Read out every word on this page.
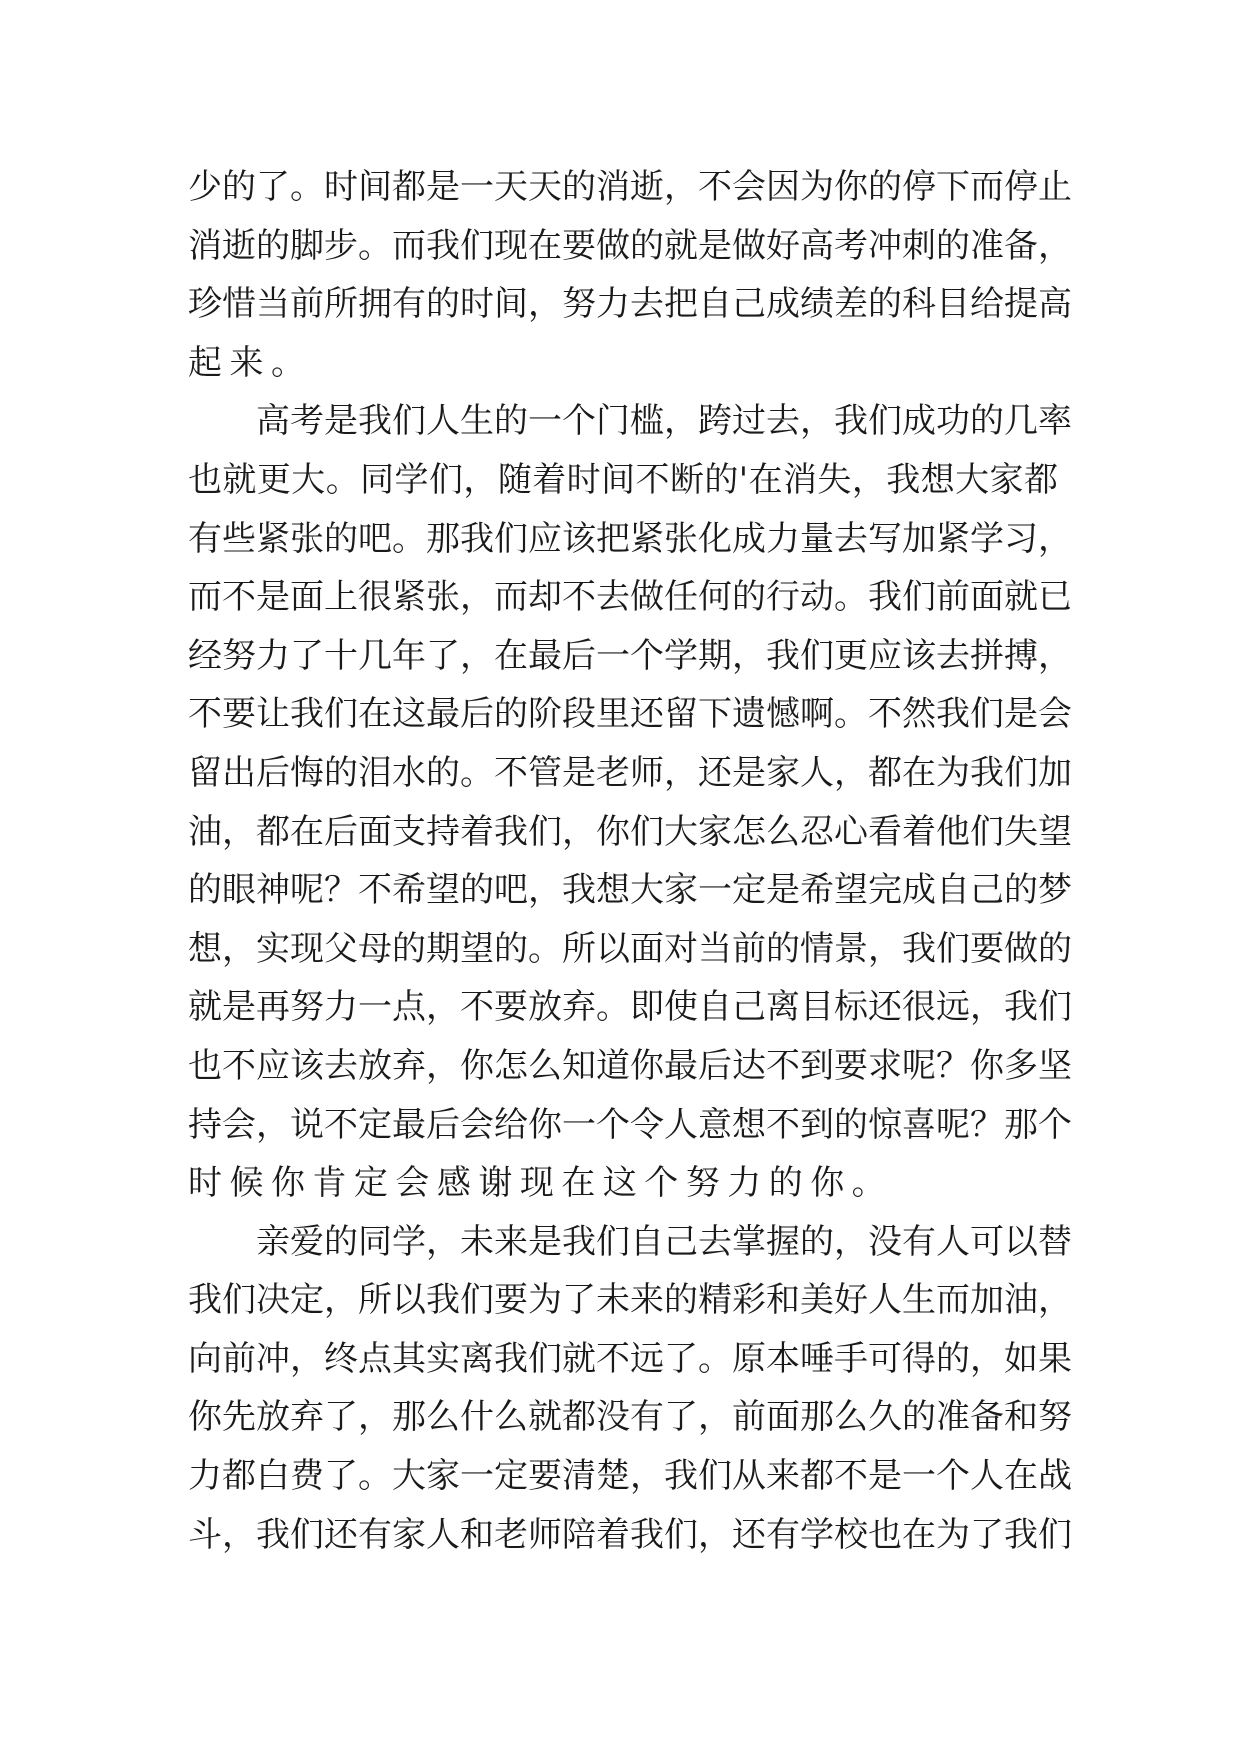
少的了。时间都是一天天的消逝，不会因为你的停下而停止
消逝的脚步。而我们现在要做的就是做好高考冲刺的准备，
珍惜当前所拥有的时间，努力去把自己成绩差的科目给提高
起来。
高考是我们人生的一个门槛，跨过去，我们成功的几率
也就更大。同学们，随着时间不断的'在消失，我想大家都
有些紧张的吧。那我们应该把紧张化成力量去写加紧学习，
而不是面上很紧张，而却不去做任何的行动。我们前面就已
经努力了十几年了，在最后一个学期，我们更应该去拼搏，
不要让我们在这最后的阶段里还留下遗憾啊。不然我们是会
留出后悔的泪水的。不管是老师，还是家人，都在为我们加
油，都在后面支持着我们，你们大家怎么忍心看着他们失望
的眼神呢？不希望的吧，我想大家一定是希望完成自己的梦
想，实现父母的期望的。所以面对当前的情景，我们要做的
就是再努力一点，不要放弃。即使自己离目标还很远，我们
也不应该去放弃，你怎么知道你最后达不到要求呢？你多坚
持会，说不定最后会给你一个令人意想不到的惊喜呢？那个
时候你肯定会感谢现在这个努力的你。
亲爱的同学，未来是我们自己去掌握的，没有人可以替
我们决定，所以我们要为了未来的精彩和美好人生而加油，
向前冲，终点其实离我们就不远了。原本唾手可得的，如果
你先放弃了，那么什么就都没有了，前面那么久的准备和努
力都白费了。大家一定要清楚，我们从来都不是一个人在战
斗，我们还有家人和老师陪着我们，还有学校也在为了我们
